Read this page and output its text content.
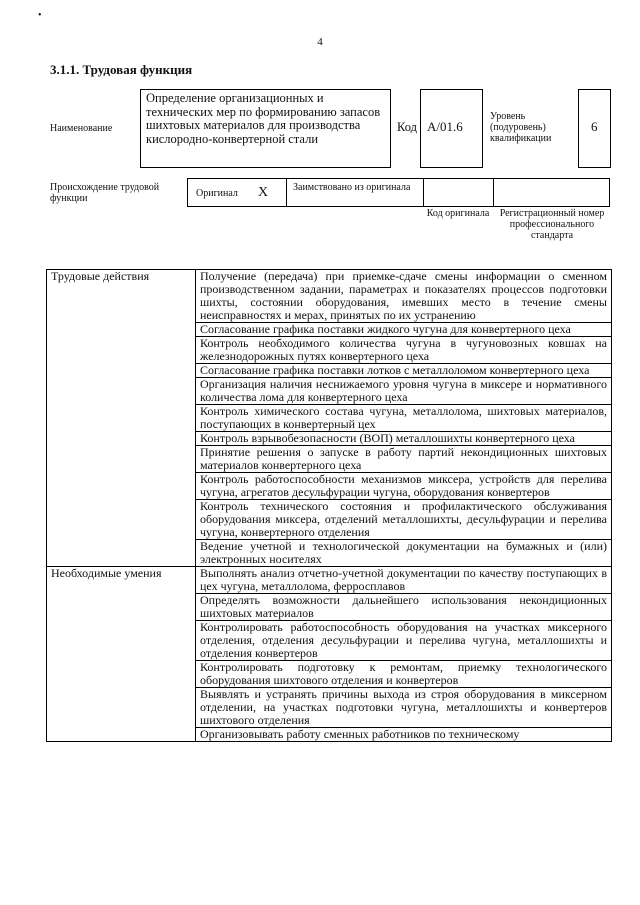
•
4
3.1.1. Трудовая функция
Наименование
Определение организационных и технических мер по формированию запасов шихтовых материалов для производства кислородно-конвертерной стали
Код А/01.6
Уровень (подуровень) квалификации
6
Происхождение трудовой функции	Оригинал X Заимствовано из оригинала
Код оригинала Регистрационный номер профессионального стандарта
Трудовые действия	Получение (передача) при приемке-сдаче смены информации о сменном производственном задании, параметрах и показателях процессов подготовки шихты, состоянии оборудования, имевших место в течение смены неисправностях и мерах, принятых по их устранению
	Согласование графика поставки жидкого чугуна для конвертерного цеха
	Контроль необходимого количества чугуна в чугуновозных ковшах на железнодорожных путях конвертерного цеха
	Согласование графика поставки лотков с металлоломом конвертерного цеха
	Организация наличия неснижаемого уровня чугуна в миксере и нормативного количества лома для конвертерного цеха
	Контроль химического состава чугуна, металлолома, шихтовых материалов, поступающих в конвертерный цех
	Контроль взрывобезопасности (ВОП) металлошихты конвертерного цеха
	Принятие решения о запуске в работу партий некондиционных шихтовых материалов конвертерного цеха
	Контроль работоспособности механизмов миксера, устройств для перелива чугуна, агрегатов десульфурации чугуна, оборудования конвертеров
	Контроль технического состояния и профилактического обслуживания оборудования миксера, отделений металлошихты, десульфурации и перелива чугуна, конвертерного отделения
	Ведение учетной и технологической документации на бумажных и (или) электронных носителях
Необходимые умения	Выполнять анализ отчетно-учетной документации по качеству поступающих в цех чугуна, металлолома, ферросплавов
	Определять возможности дальнейшего использования некондиционных шихтовых материалов
	Контролировать работоспособность оборудования на участках миксерного отделения, отделения десульфурации и перелива чугуна, металлошихты и отделения конвертеров
	Контролировать подготовку к ремонтам, приемку технологического оборудования шихтового отделения и конвертеров
	Выявлять и устранять причины выхода из строя оборудования в миксерном отделении, на участках подготовки чугуна, металлошихты и конвертеров шихтового отделения
	Организовывать работу сменных работников по техническому
